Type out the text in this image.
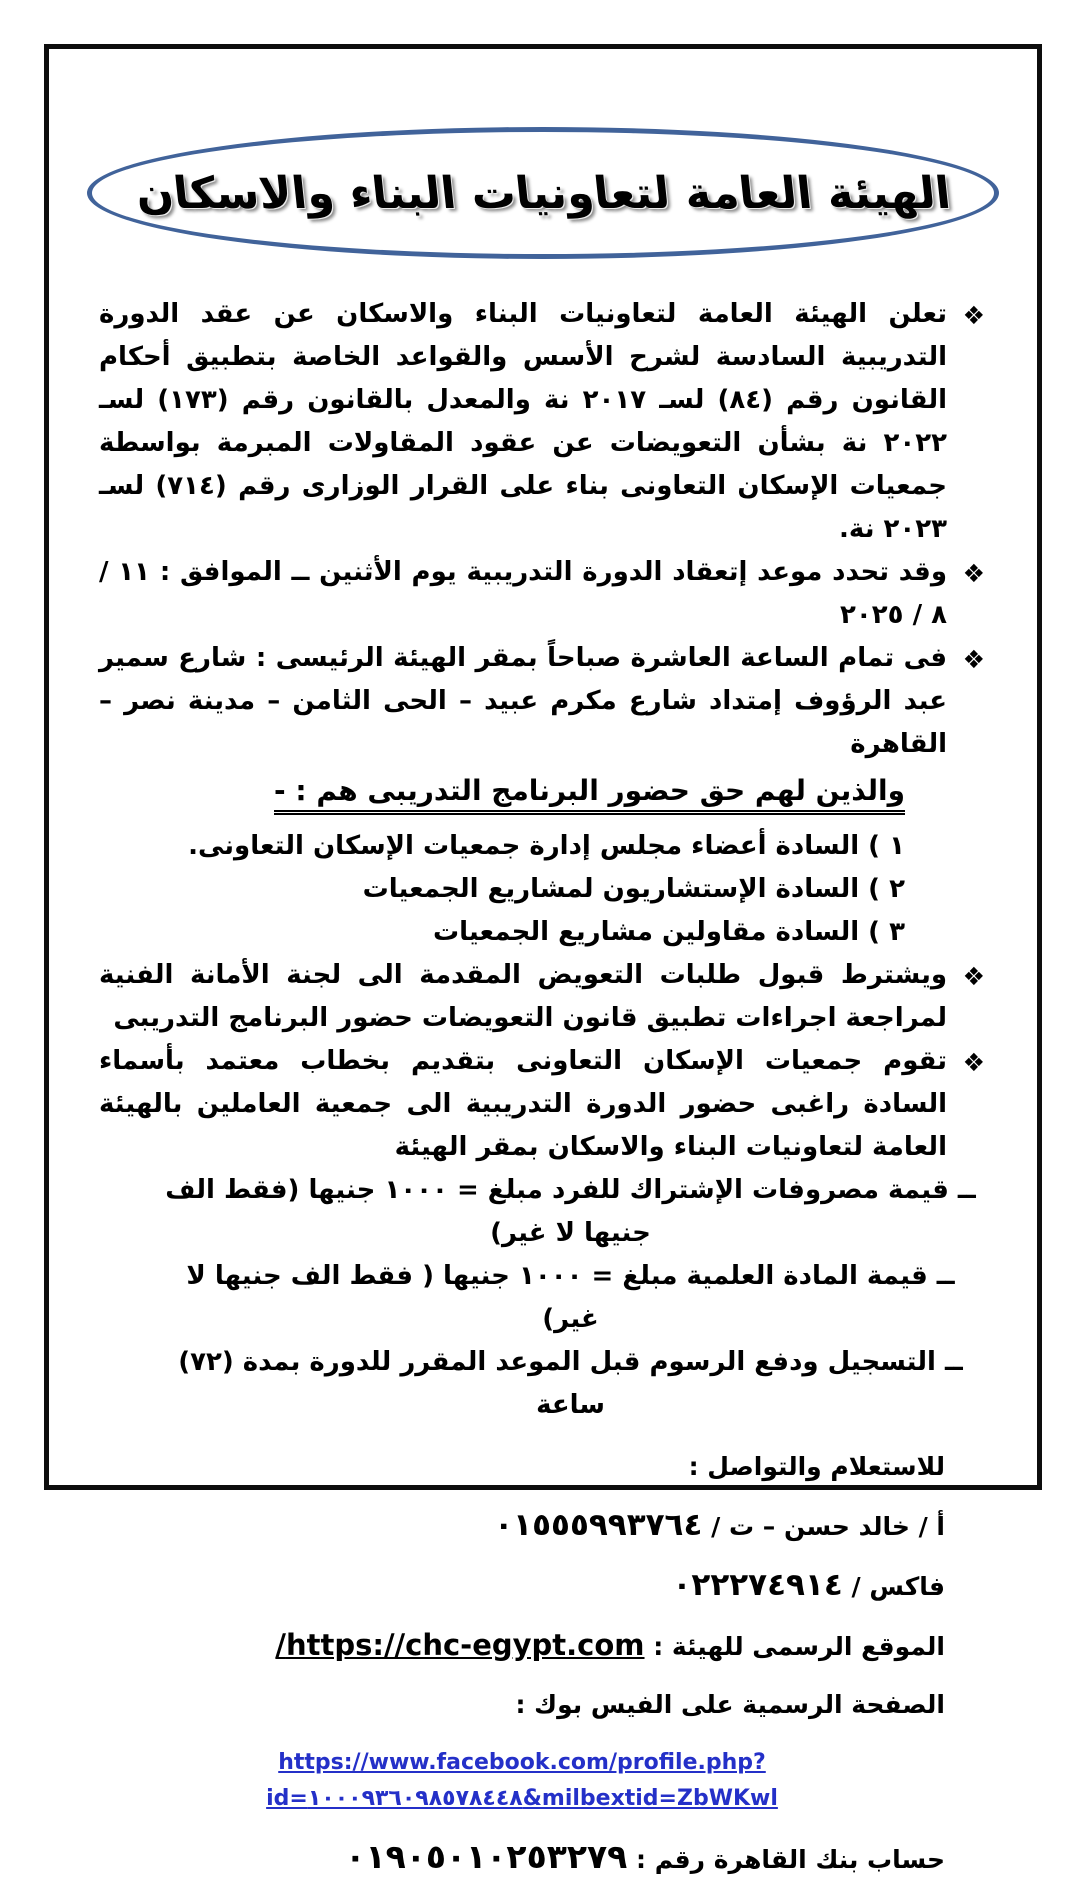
الهيئة العامة لتعاونيات البناء والاسكان
❖
تعلن الهيئة العامة لتعاونيات البناء والاسكان عن عقد الدورة التدريبية السادسة لشرح الأسس والقواعد الخاصة بتطبيق أحكام القانون رقم (٨٤) لسـ ٢٠١٧ نة والمعدل بالقانون رقم (١٧٣) لسـ ٢٠٢٢ نة بشأن التعويضات عن عقود المقاولات المبرمة بواسطة جمعيات الإسكان التعاونى بناء على القرار الوزارى رقم (٧١٤) لسـ ٢٠٢٣ نة.
❖
وقد تحدد موعد إتعقاد الدورة التدريبية يوم الأثنين ــ الموافق : ١١ / ٨ / ٢٠٢٥
❖
فى تمام الساعة العاشرة صباحاً بمقر الهيئة الرئيسى : شارع سمير عبد الرؤوف إمتداد شارع مكرم عبيد – الحى الثامن – مدينة نصر – القاهرة
والذين لهم حق حضور البرنامج التدريبى هم : -
١ ) السادة أعضاء مجلس إدارة جمعيات الإسكان التعاونى.
٢ ) السادة الإستشاريون لمشاريع الجمعيات
٣ ) السادة مقاولين مشاريع الجمعيات
❖
ويشترط قبول طلبات التعويض المقدمة الى لجنة الأمانة الفنية لمراجعة اجراءات تطبيق قانون التعويضات حضور البرنامج التدريبى
❖
تقوم جمعيات الإسكان التعاونى بتقديم بخطاب معتمد بأسماء السادة راغبى حضور الدورة التدريبية الى جمعية العاملين بالهيئة العامة لتعاونيات البناء والاسكان بمقر الهيئة
ــ قيمة مصروفات الإشتراك للفرد مبلغ = ١٠٠٠ جنيها (فقط الف جنيها لا غير)
ــ قيمة المادة العلمية مبلغ = ١٠٠٠ جنيها ( فقط الف جنيها لا غير)
ــ التسجيل ودفع الرسوم قبل الموعد المقرر للدورة بمدة (٧٢) ساعة
للاستعلام والتواصل :
أ / خالد حسن – ت / ٠١٥٥٥٩٩٣٧٦٤
فاكس / ٠٢٢٢٧٤٩١٤
الموقع الرسمى للهيئة : https://chc-egypt.com/
الصفحة الرسمية على الفيس بوك :
https://www.facebook.com/profile.php?id=١٠٠٠٩٣٦٠٩٨٥٧٨٤٤٨&milbextid=ZbWKwl
حساب بنك القاهرة رقم : ٠١٩٠٥٠١٠٢٥٣٢٧٩
